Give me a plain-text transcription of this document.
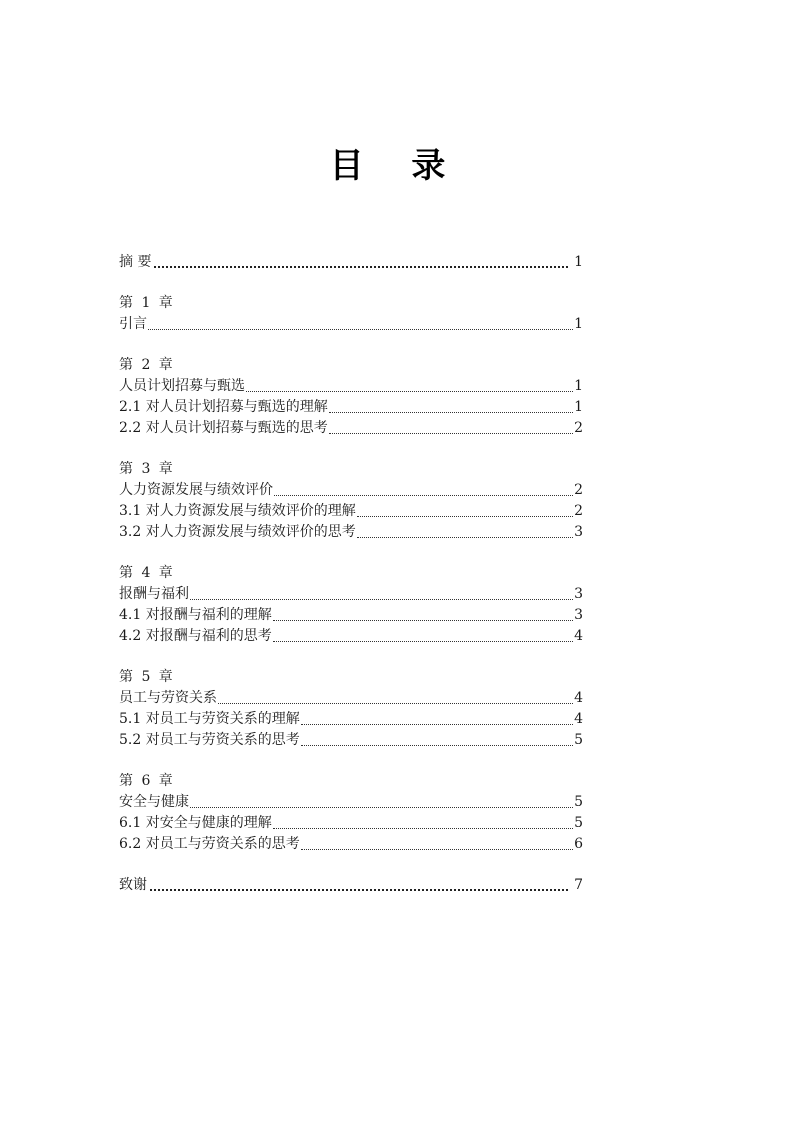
目 录
摘 要	1
第 1 章
引言	1
第 2 章
人员计划招募与甄选	1
2.1 对人员计划招募与甄选的理解	1
2.2 对人员计划招募与甄选的思考	2
第 3 章
人力资源发展与绩效评价	2
3.1 对人力资源发展与绩效评价的理解	2
3.2 对人力资源发展与绩效评价的思考	3
第 4 章
报酬与福利	3
4.1 对报酬与福利的理解	3
4.2 对报酬与福利的思考	4
第 5 章
员工与劳资关系	4
5.1 对员工与劳资关系的理解	4
5.2 对员工与劳资关系的思考	5
第 6 章
安全与健康	5
6.1 对安全与健康的理解	5
6.2 对员工与劳资关系的思考	6
致谢	7
